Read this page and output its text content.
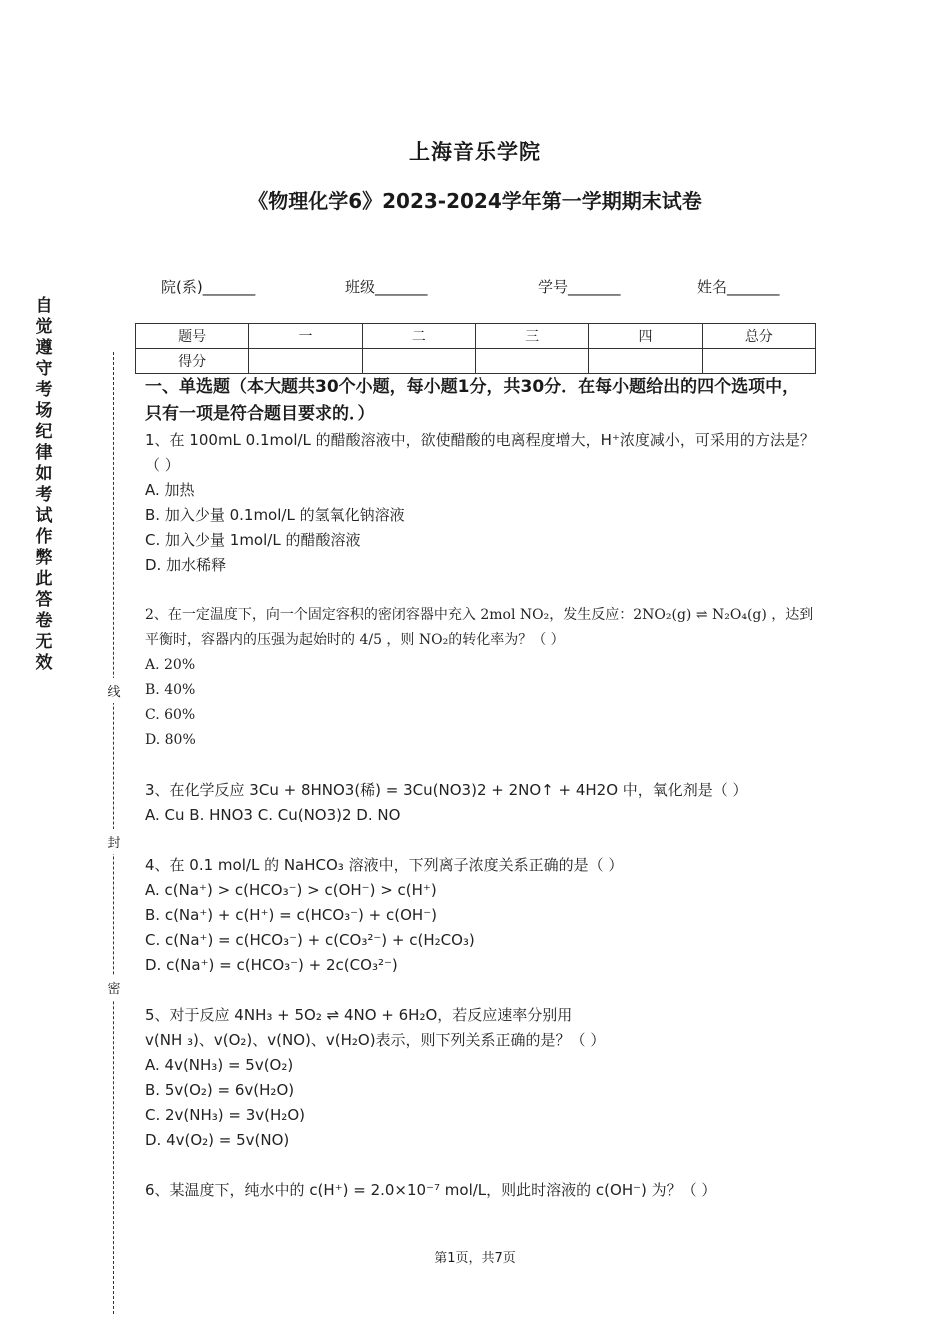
上海音乐学院
《物理化学6》2023-2024学年第一学期期末试卷
院(系)_______	班级_______	学号_______	姓名_______
题号	一	二	三	四	总分
得分					
自
觉
遵
守
考
场
纪
律
如
考
试
作
弊
此
答
卷
无
效
线
封
密
一、单选题（本大题共30个小题，每小题1分，共30分．在每小题给出的四个选项中，只有一项是符合题目要求的．）

1、在 100mL 0.1mol/L 的醋酸溶液中，欲使醋酸的电离程度增大，H⁺浓度减小，可采用的方法是？（ ）

A. 加热

B. 加入少量 0.1mol/L 的氢氧化钠溶液

C. 加入少量 1mol/L 的醋酸溶液

D. 加水稀释

2、在一定温度下，向一个固定容积的密闭容器中充入 2mol NO₂，发生反应：2NO₂(g) ⇌ N₂O₄(g) ，达到平衡时，容器内的压强为起始时的 4/5 ，则 NO₂的转化率为？（ ）

A. 20%

B. 40%

C. 60%

D. 80%

3、在化学反应 3Cu + 8HNO3(稀) = 3Cu(NO3)2 + 2NO↑ + 4H2O 中，氧化剂是（ ）

A. Cu B. HNO3 C. Cu(NO3)2 D. NO

4、在 0.1 mol/L 的 NaHCO₃ 溶液中，下列离子浓度关系正确的是（ ）

A. c(Na⁺) > c(HCO₃⁻) > c(OH⁻) > c(H⁺)

B. c(Na⁺) + c(H⁺) = c(HCO₃⁻) + c(OH⁻)

C. c(Na⁺) = c(HCO₃⁻) + c(CO₃²⁻) + c(H₂CO₃)

D. c(Na⁺) = c(HCO₃⁻) + 2c(CO₃²⁻)

5、对于反应 4NH₃ + 5O₂ ⇌ 4NO + 6H₂O，若反应速率分别用

v(NH ₃)、v(O₂)、v(NO)、v(H₂O)表示，则下列关系正确的是？（ ）

A. 4v(NH₃) = 5v(O₂)

B. 5v(O₂) = 6v(H₂O)

C. 2v(NH₃) = 3v(H₂O)

D. 4v(O₂) = 5v(NO)

6、某温度下，纯水中的 c(H⁺) = 2.0×10⁻⁷ mol/L，则此时溶液的 c(OH⁻) 为？（ ）

第1页，共7页
